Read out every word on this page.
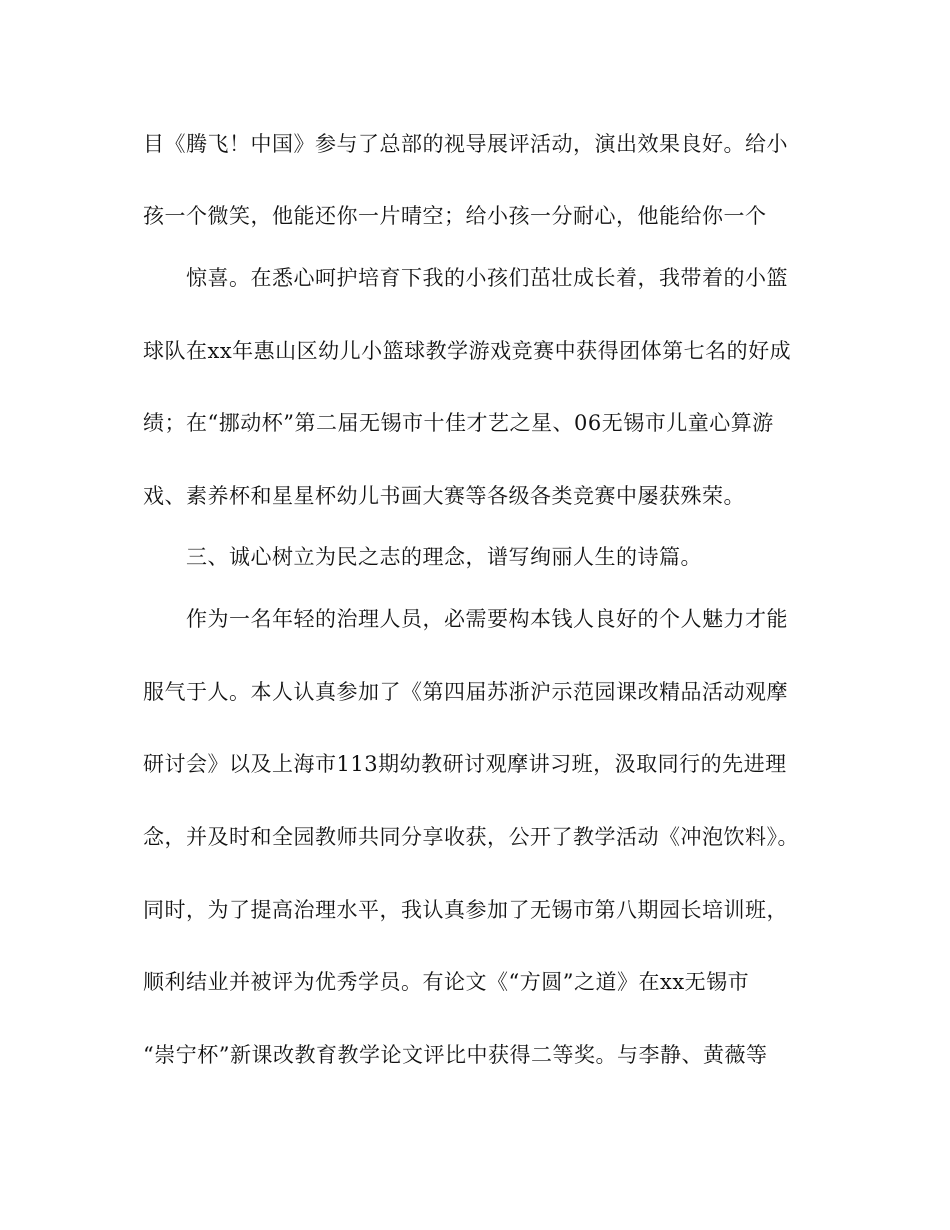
目《腾飞！中国》参与了总部的视导展评活动，演出效果良好。给小
孩一个微笑，他能还你一片晴空；给小孩一分耐心，他能给你一个
惊喜。在悉心呵护培育下我的小孩们茁壮成长着，我带着的小篮
球队在xx年惠山区幼儿小篮球教学游戏竞赛中获得团体第七名的好成
绩；在“挪动杯”第二届无锡市十佳才艺之星、06无锡市儿童心算游
戏、素养杯和星星杯幼儿书画大赛等各级各类竞赛中屡获殊荣。
三、诚心树立为民之志的理念，谱写绚丽人生的诗篇。
作为一名年轻的治理人员，必需要构本钱人良好的个人魅力才能
服气于人。本人认真参加了《第四届苏浙沪示范园课改精品活动观摩
研讨会》以及上海市113期幼教研讨观摩讲习班，汲取同行的先进理
念，并及时和全园教师共同分享收获，公开了教学活动《冲泡饮料》。
同时，为了提高治理水平，我认真参加了无锡市第八期园长培训班，
顺利结业并被评为优秀学员。有论文《“方圆”之道》在xx无锡市
“崇宁杯”新课改教育教学论文评比中获得二等奖。与李静、黄薇等
